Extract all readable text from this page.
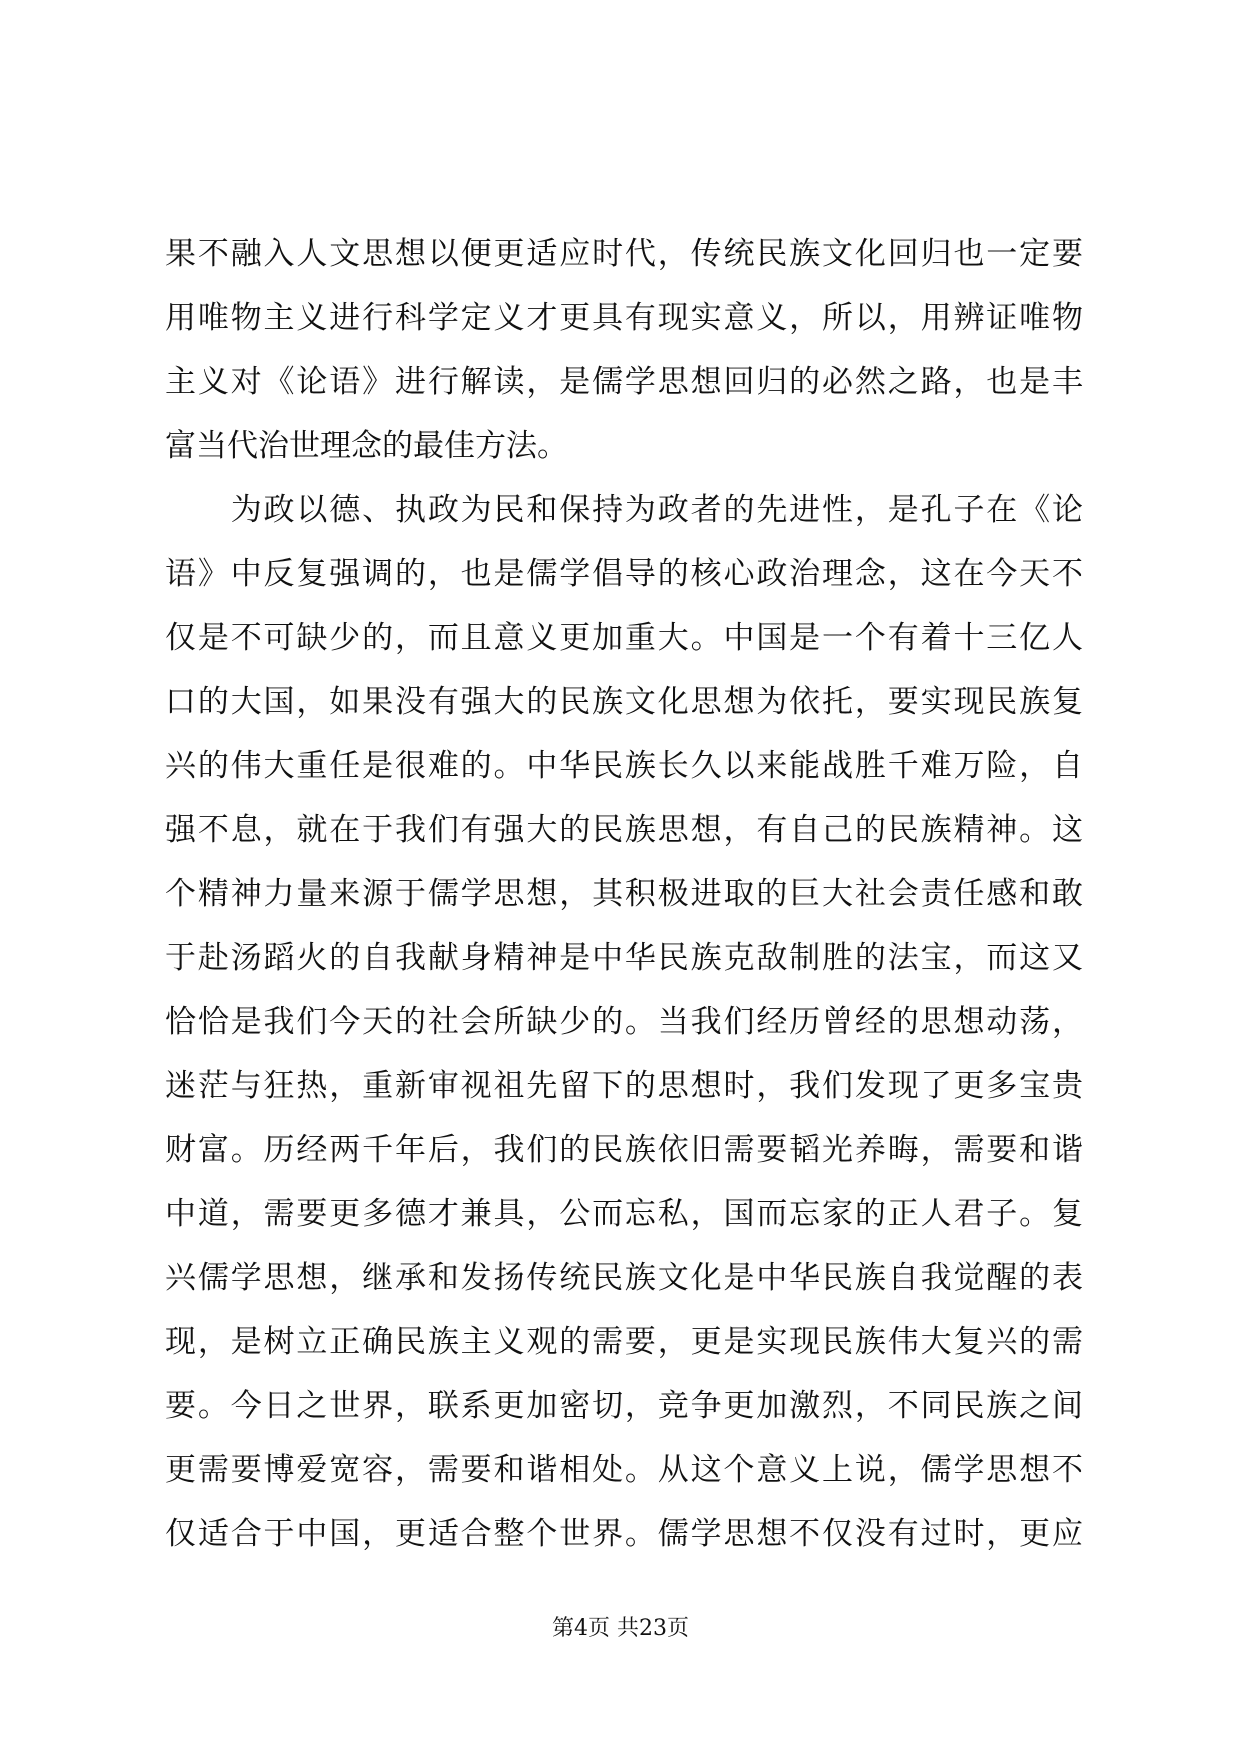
果不融入人文思想以便更适应时代，传统民族文化回归也一定要
用唯物主义进行科学定义才更具有现实意义，所以，用辨证唯物
主义对《论语》进行解读，是儒学思想回归的必然之路，也是丰
富当代治世理念的最佳方法。
　　为政以德、执政为民和保持为政者的先进性，是孔子在《论
语》中反复强调的，也是儒学倡导的核心政治理念，这在今天不
仅是不可缺少的，而且意义更加重大。中国是一个有着十三亿人
口的大国，如果没有强大的民族文化思想为依托，要实现民族复
兴的伟大重任是很难的。中华民族长久以来能战胜千难万险，自
强不息，就在于我们有强大的民族思想，有自己的民族精神。这
个精神力量来源于儒学思想，其积极进取的巨大社会责任感和敢
于赴汤蹈火的自我献身精神是中华民族克敌制胜的法宝，而这又
恰恰是我们今天的社会所缺少的。当我们经历曾经的思想动荡，
迷茫与狂热，重新审视祖先留下的思想时，我们发现了更多宝贵
财富。历经两千年后，我们的民族依旧需要韬光养晦，需要和谐
中道，需要更多德才兼具，公而忘私，国而忘家的正人君子。复
兴儒学思想，继承和发扬传统民族文化是中华民族自我觉醒的表
现，是树立正确民族主义观的需要，更是实现民族伟大复兴的需
要。今日之世界，联系更加密切，竞争更加激烈，不同民族之间
更需要博爱宽容，需要和谐相处。从这个意义上说，儒学思想不
仅适合于中国，更适合整个世界。儒学思想不仅没有过时，更应
第4页 共23页
